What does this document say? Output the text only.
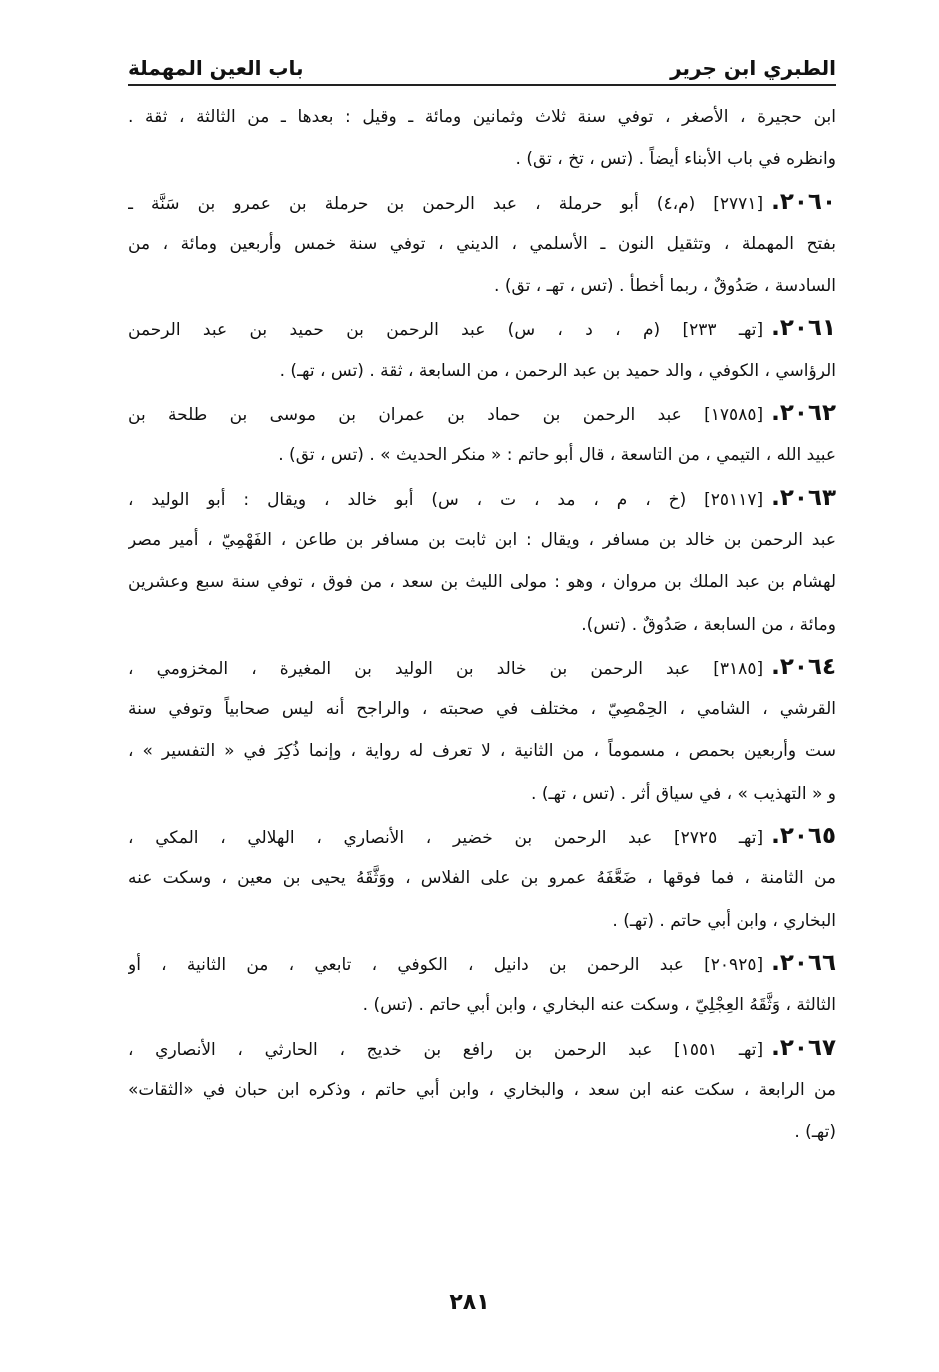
الطبري ابن جرير
باب العين المهملة
ابن حجيرة ، الأصغر ، توفي سنة ثلاث وثمانين ومائة ـ وقيل : بعدها ـ من الثالثة ، ثقة .
وانظره في باب الأبناء أيضاً . (تس ، تخ ، تق) .
٢٠٦٠.[٢٧٧١] (م،٤) أبو حرملة ، عبد الرحمن بن حرملة بن عمرو بن سَنَّة ـ
بفتح المهملة ، وتثقيل النون ـ الأسلمي ، الديني ، توفي سنة خمس وأربعين ومائة ، من
السادسة ، صَدُوقٌ ، ربما أخطأ . (تس ، تهـ ، تق) .
٢٠٦١.[تهـ ٢٣٣] (م ، د ، س) عبد الرحمن بن حميد بن عبد الرحمن
الرؤاسي ، الكوفي ، والد حميد بن عبد الرحمن ، من السابعة ، ثقة . (تس ، تهـ) .
٢٠٦٢.[١٧٥٨٥] عبد الرحمن بن حماد بن عمران بن موسى بن طلحة بن
عبيد الله ، التيمي ، من التاسعة ، قال أبو حاتم : « منكر الحديث » . (تس ، تق) .
٢٠٦٣.[٢٥١١٧] (خ ، م ، مد ، ت ، س) أبو خالد ، ويقال : أبو الوليد ،
عبد الرحمن بن خالد بن مسافر ، ويقال : ابن ثابت بن مسافر بن طاعن ، الفَهْمِيّ ، أمير مصر
لهشام بن عبد الملك بن مروان ، وهو : مولى الليث بن سعد ، من فوق ، توفي سنة سبع وعشرين
ومائة ، من السابعة ، صَدُوقٌ . (تس).
٢٠٦٤.[٣١٨٥] عبد الرحمن بن خالد بن الوليد بن المغيرة ، المخزومي ،
القرشي ، الشامي ، الحِمْصِيّ ، مختلف في صحبته ، والراجح أنه ليس صحابياً وتوفي سنة
ست وأربعين بحمص ، مسموماً ، من الثانية ، لا تعرف له رواية ، وإنما ذُكِرَ في « التفسير » ،
و « التهذيب » ، في سياق أثر . (تس ، تهـ) .
٢٠٦٥.[تهـ ٢٧٢٥] عبد الرحمن بن خضير ، الأنصاري ، الهلالي ، المكي ،
من الثامنة ، فما فوقها ، ضَعَّفَهُ عمرو بن على الفلاس ، ووَثَّقَهُ يحيى بن معين ، وسكت عنه
البخاري ، وابن أبي حاتم . (تهـ) .
٢٠٦٦.[٢٠٩٢٥] عبد الرحمن بن دانيل ، الكوفي ، تابعي ، من الثانية ، أو
الثالثة ، وَثَّقَهُ العِجْلِيّ ، وسكت عنه البخاري ، وابن أبي حاتم . (تس) .
٢٠٦٧.[تهـ ١٥٥١] عبد الرحمن بن رافع بن خديج ، الحارثي ، الأنصاري ،
من الرابعة ، سكت عنه ابن سعد ، والبخاري ، وابن أبي حاتم ، وذكره ابن حبان في «الثقات»
(تهـ) .
٢٨١
